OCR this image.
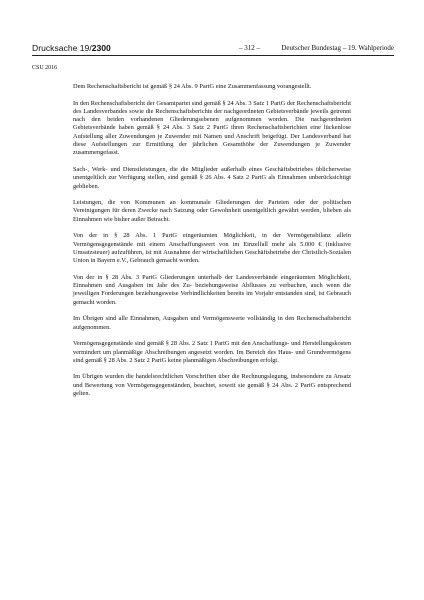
Drucksache 19/2300	– 312 –	Deutscher Bundestag – 19. Wahlperiode
CSU 2016

Dem Rechenschaftsbericht ist gemäß § 24 Abs. 9 PartG eine Zusammenfassung vorangestellt.

In den Rechenschaftsbericht der Gesamtpartei sind gemäß § 24 Abs. 3 Satz 1 PartG der Rechenschaftsbericht des Landesverbandes sowie die Rechenschaftsberichte der nachgeordneten Gebietsverbände jeweils getrennt nach den beiden vorhandenen Gliederungsebenen aufgenommen worden. Die nachgeordneten Gebietsverbände haben gemäß § 24 Abs. 3 Satz 2 PartG ihren Rechenschaftsberichten eine lückenlose Aufstellung aller Zuwendungen je Zuwender mit Namen und Anschrift beigefügt. Der Landesverband hat diese Aufstellungen zur Ermittlung der jährlichen Gesamthöhe der Zuwendungen je Zuwender zusammengefasst.

Sach-, Werk- und Dienstleistungen, die die Mitglieder außerhalb eines Geschäftsbetriebes üblicherweise unentgeltlich zur Verfügung stellen, sind gemäß § 26 Abs. 4 Satz 2 PartG als Einnahmen unberücksichtigt geblieben.

Leistungen, die von Kommunen an kommunale Gliederungen der Parteien oder der politischen Vereinigungen für deren Zwecke nach Satzung oder Gewohnheit unentgeltlich gewährt werden, blieben als Einnahmen wie bisher außer Betracht.

Von der in § 28 Abs. 1 PartG eingeräumten Möglichkeit, in der Vermögensbilanz allein Vermögensgegenstände mit einem Anschaffungswert von im Einzelfall mehr als 5.000 € (inklusive Umsatzsteuer) aufzuführen, ist mit Ausnahme der wirtschaftlichen Geschäftsbetriebe der Christlich-Sozialen Union in Bayern e.V., Gebrauch gemacht worden.

Von der in § 28 Abs. 3 PartG Gliederungen unterhalb der Landesverbände eingeräumten Möglichkeit, Einnahmen und Ausgaben im Jahr des Zu- beziehungsweise Abflusses zu verbuchen, auch wenn die jeweiligen Forderungen beziehungsweise Verbindlichkeiten bereits im Vorjahr entstanden sind, ist Gebrauch gemacht worden.

Im Übrigen sind alle Einnahmen, Ausgaben und Vermögenswerte vollständig in den Rechenschaftsbericht aufgenommen.

Vermögensgegenstände sind gemäß § 28 Abs. 2 Satz 1 PartG mit den Anschaffungs- und Herstellungskosten vermindert um planmäßige Abschreibungen angesetzt worden. Im Bereich des Haus- und Grundvermögens sind gemäß § 28 Abs. 2 Satz 2 PartG keine planmäßigen Abschreibungen erfolgt.

Im Übrigen wurden die handelsrechtlichen Vorschriften über die Rechnungslegung, insbesondere zu Ansatz und Bewertung von Vermögensgegenständen, beachtet, soweit sie gemäß § 24 Abs. 2 PartG entsprechend gelten.
